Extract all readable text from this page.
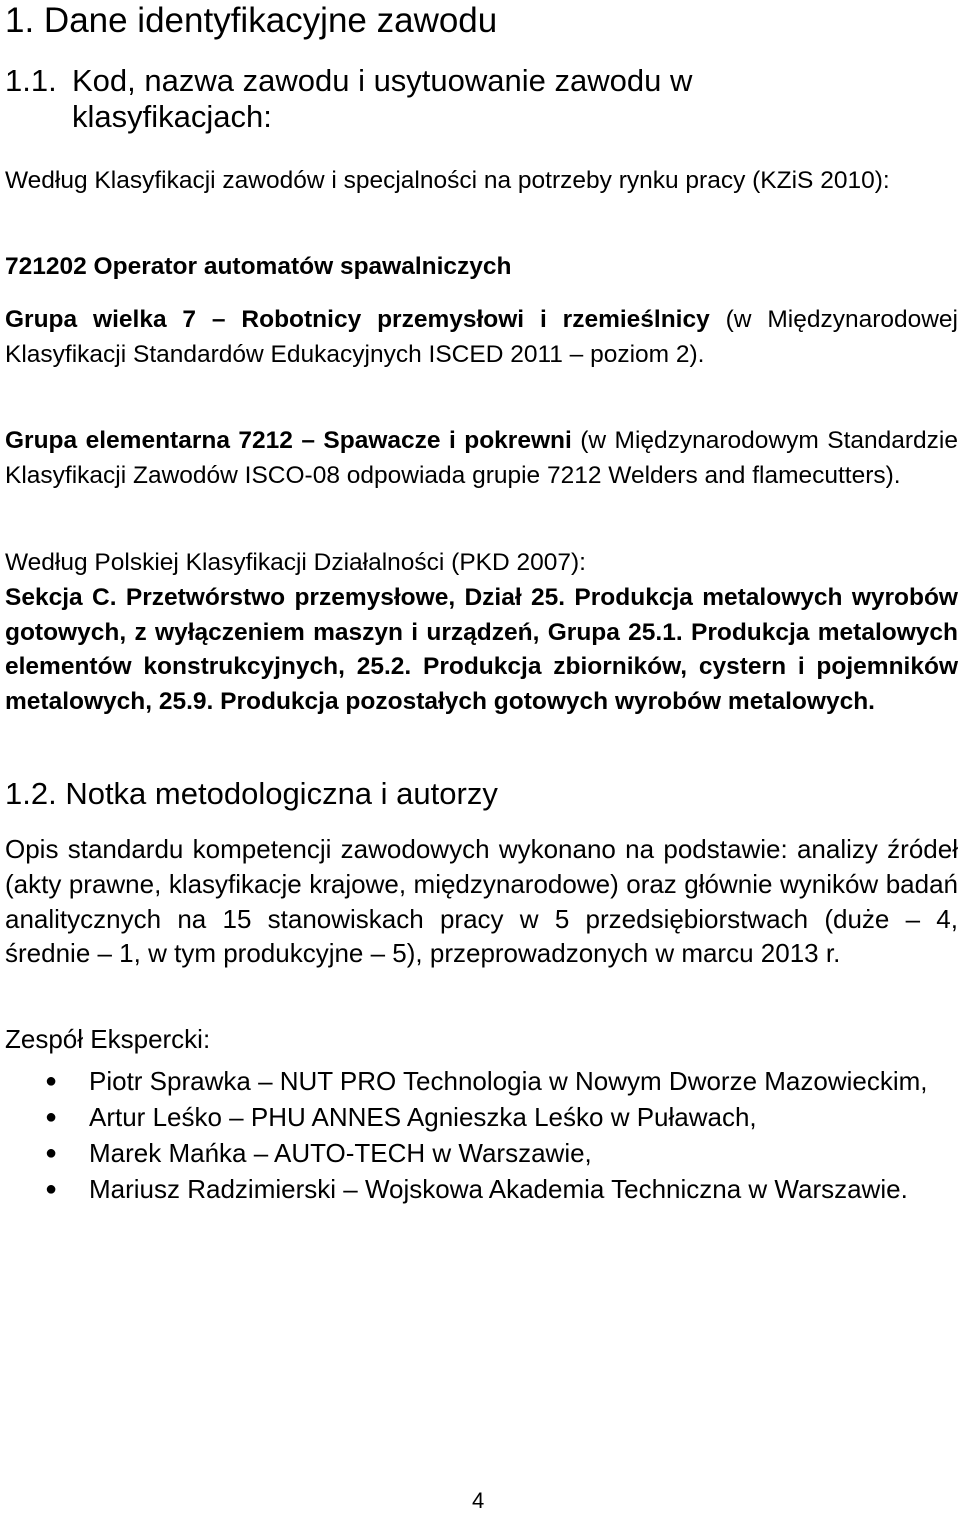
1. Dane identyfikacyjne zawodu
1.1. Kod, nazwa zawodu i usytuowanie zawodu w klasyfikacjach:
Według Klasyfikacji zawodów i specjalności na potrzeby rynku pracy (KZiS 2010):
721202 Operator automatów spawalniczych
Grupa wielka 7 – Robotnicy przemysłowi i rzemieślnicy (w Międzynarodowej Klasyfikacji Standardów Edukacyjnych ISCED 2011 – poziom 2).
Grupa elementarna 7212 – Spawacze i pokrewni (w Międzynarodowym Standardzie Klasyfikacji Zawodów ISCO-08 odpowiada grupie 7212 Welders and flamecutters).
Według Polskiej Klasyfikacji Działalności (PKD 2007):
Sekcja C. Przetwórstwo przemysłowe, Dział 25. Produkcja metalowych wyrobów gotowych, z wyłączeniem maszyn i urządzeń, Grupa 25.1. Produkcja metalowych elementów konstrukcyjnych, 25.2. Produkcja zbiorników, cystern i pojemników metalowych, 25.9. Produkcja pozostałych gotowych wyrobów metalowych.
1.2. Notka metodologiczna i autorzy
Opis standardu kompetencji zawodowych wykonano na podstawie: analizy źródeł (akty prawne, klasyfikacje krajowe, międzynarodowe) oraz głównie wyników badań analitycznych na 15 stanowiskach pracy w 5 przedsiębiorstwach (duże – 4, średnie – 1, w tym produkcyjne – 5), przeprowadzonych w marcu 2013 r.
Zespół Ekspercki:
● Piotr Sprawka – NUT PRO Technologia w Nowym Dworze Mazowieckim,
● Artur Leśko – PHU ANNES Agnieszka Leśko w Puławach,
● Marek Mańka – AUTO-TECH w Warszawie,
● Mariusz Radzimierski – Wojskowa Akademia Techniczna w Warszawie.
4
